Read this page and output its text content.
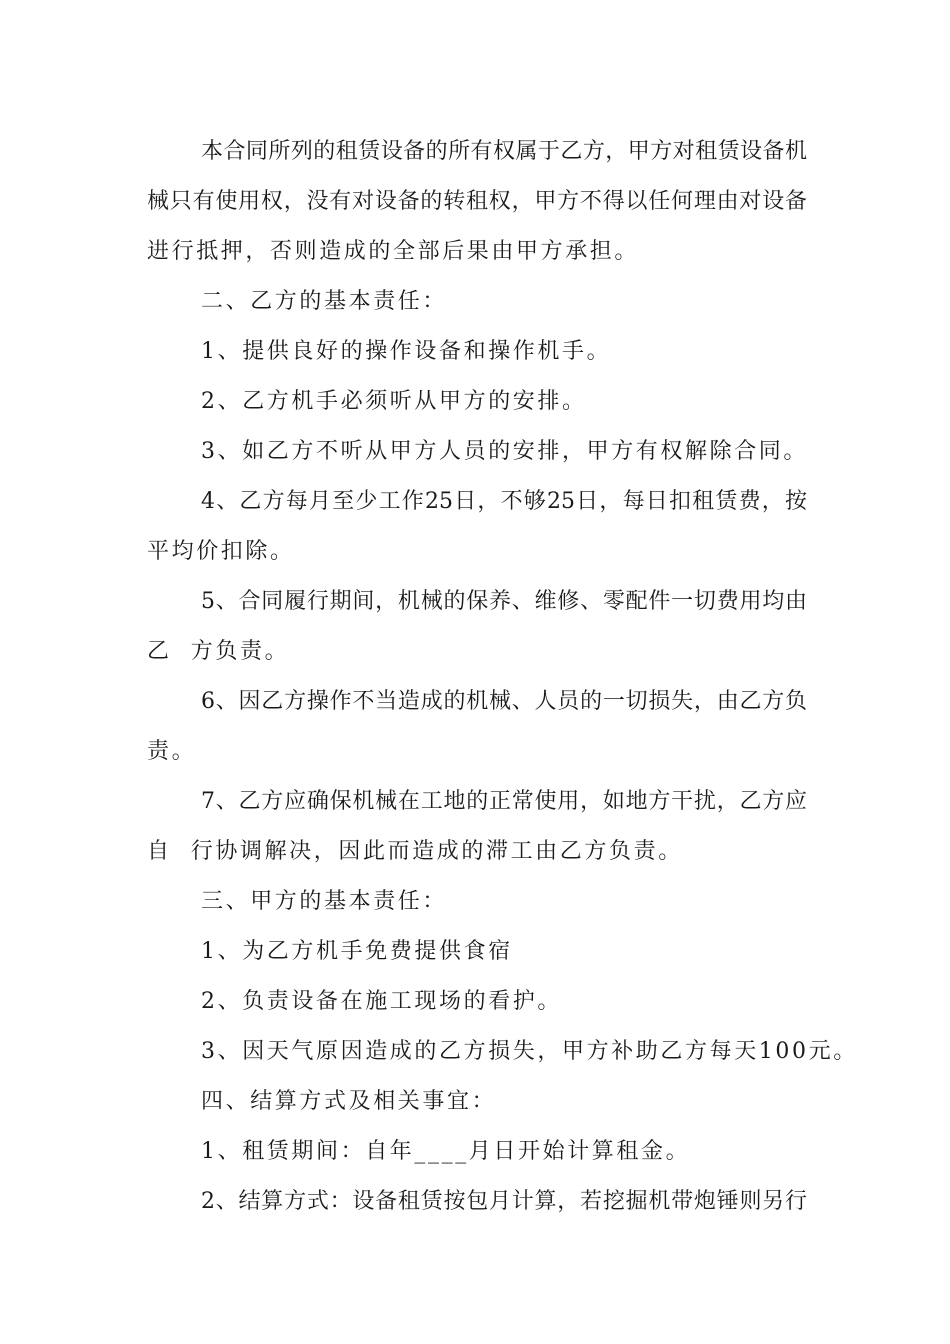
本合同所列的租赁设备的所有权属于乙方，甲方对租赁设备机
械只有使用权，没有对设备的转租权，甲方不得以任何理由对设备
进行抵押，否则造成的全部后果由甲方承担。
二、乙方的基本责任：
1、提供良好的操作设备和操作机手。
2、乙方机手必须听从甲方的安排。
3、如乙方不听从甲方人员的安排，甲方有权解除合同。
4、乙方每月至少工作25日，不够25日，每日扣租赁费，按
平均价扣除。
5、合同履行期间，机械的保养、维修、零配件一切费用均由
乙  方负责。
6、因乙方操作不当造成的机械、人员的一切损失，由乙方负
责。
7、乙方应确保机械在工地的正常使用，如地方干扰，乙方应
自  行协调解决，因此而造成的滞工由乙方负责。
三、甲方的基本责任：
1、为乙方机手免费提供食宿
2、负责设备在施工现场的看护。
3、因天气原因造成的乙方损失，甲方补助乙方每天100元。
四、结算方式及相关事宜：
1、租赁期间：自年____月日开始计算租金。
2、结算方式：设备租赁按包月计算，若挖掘机带炮锤则另行
